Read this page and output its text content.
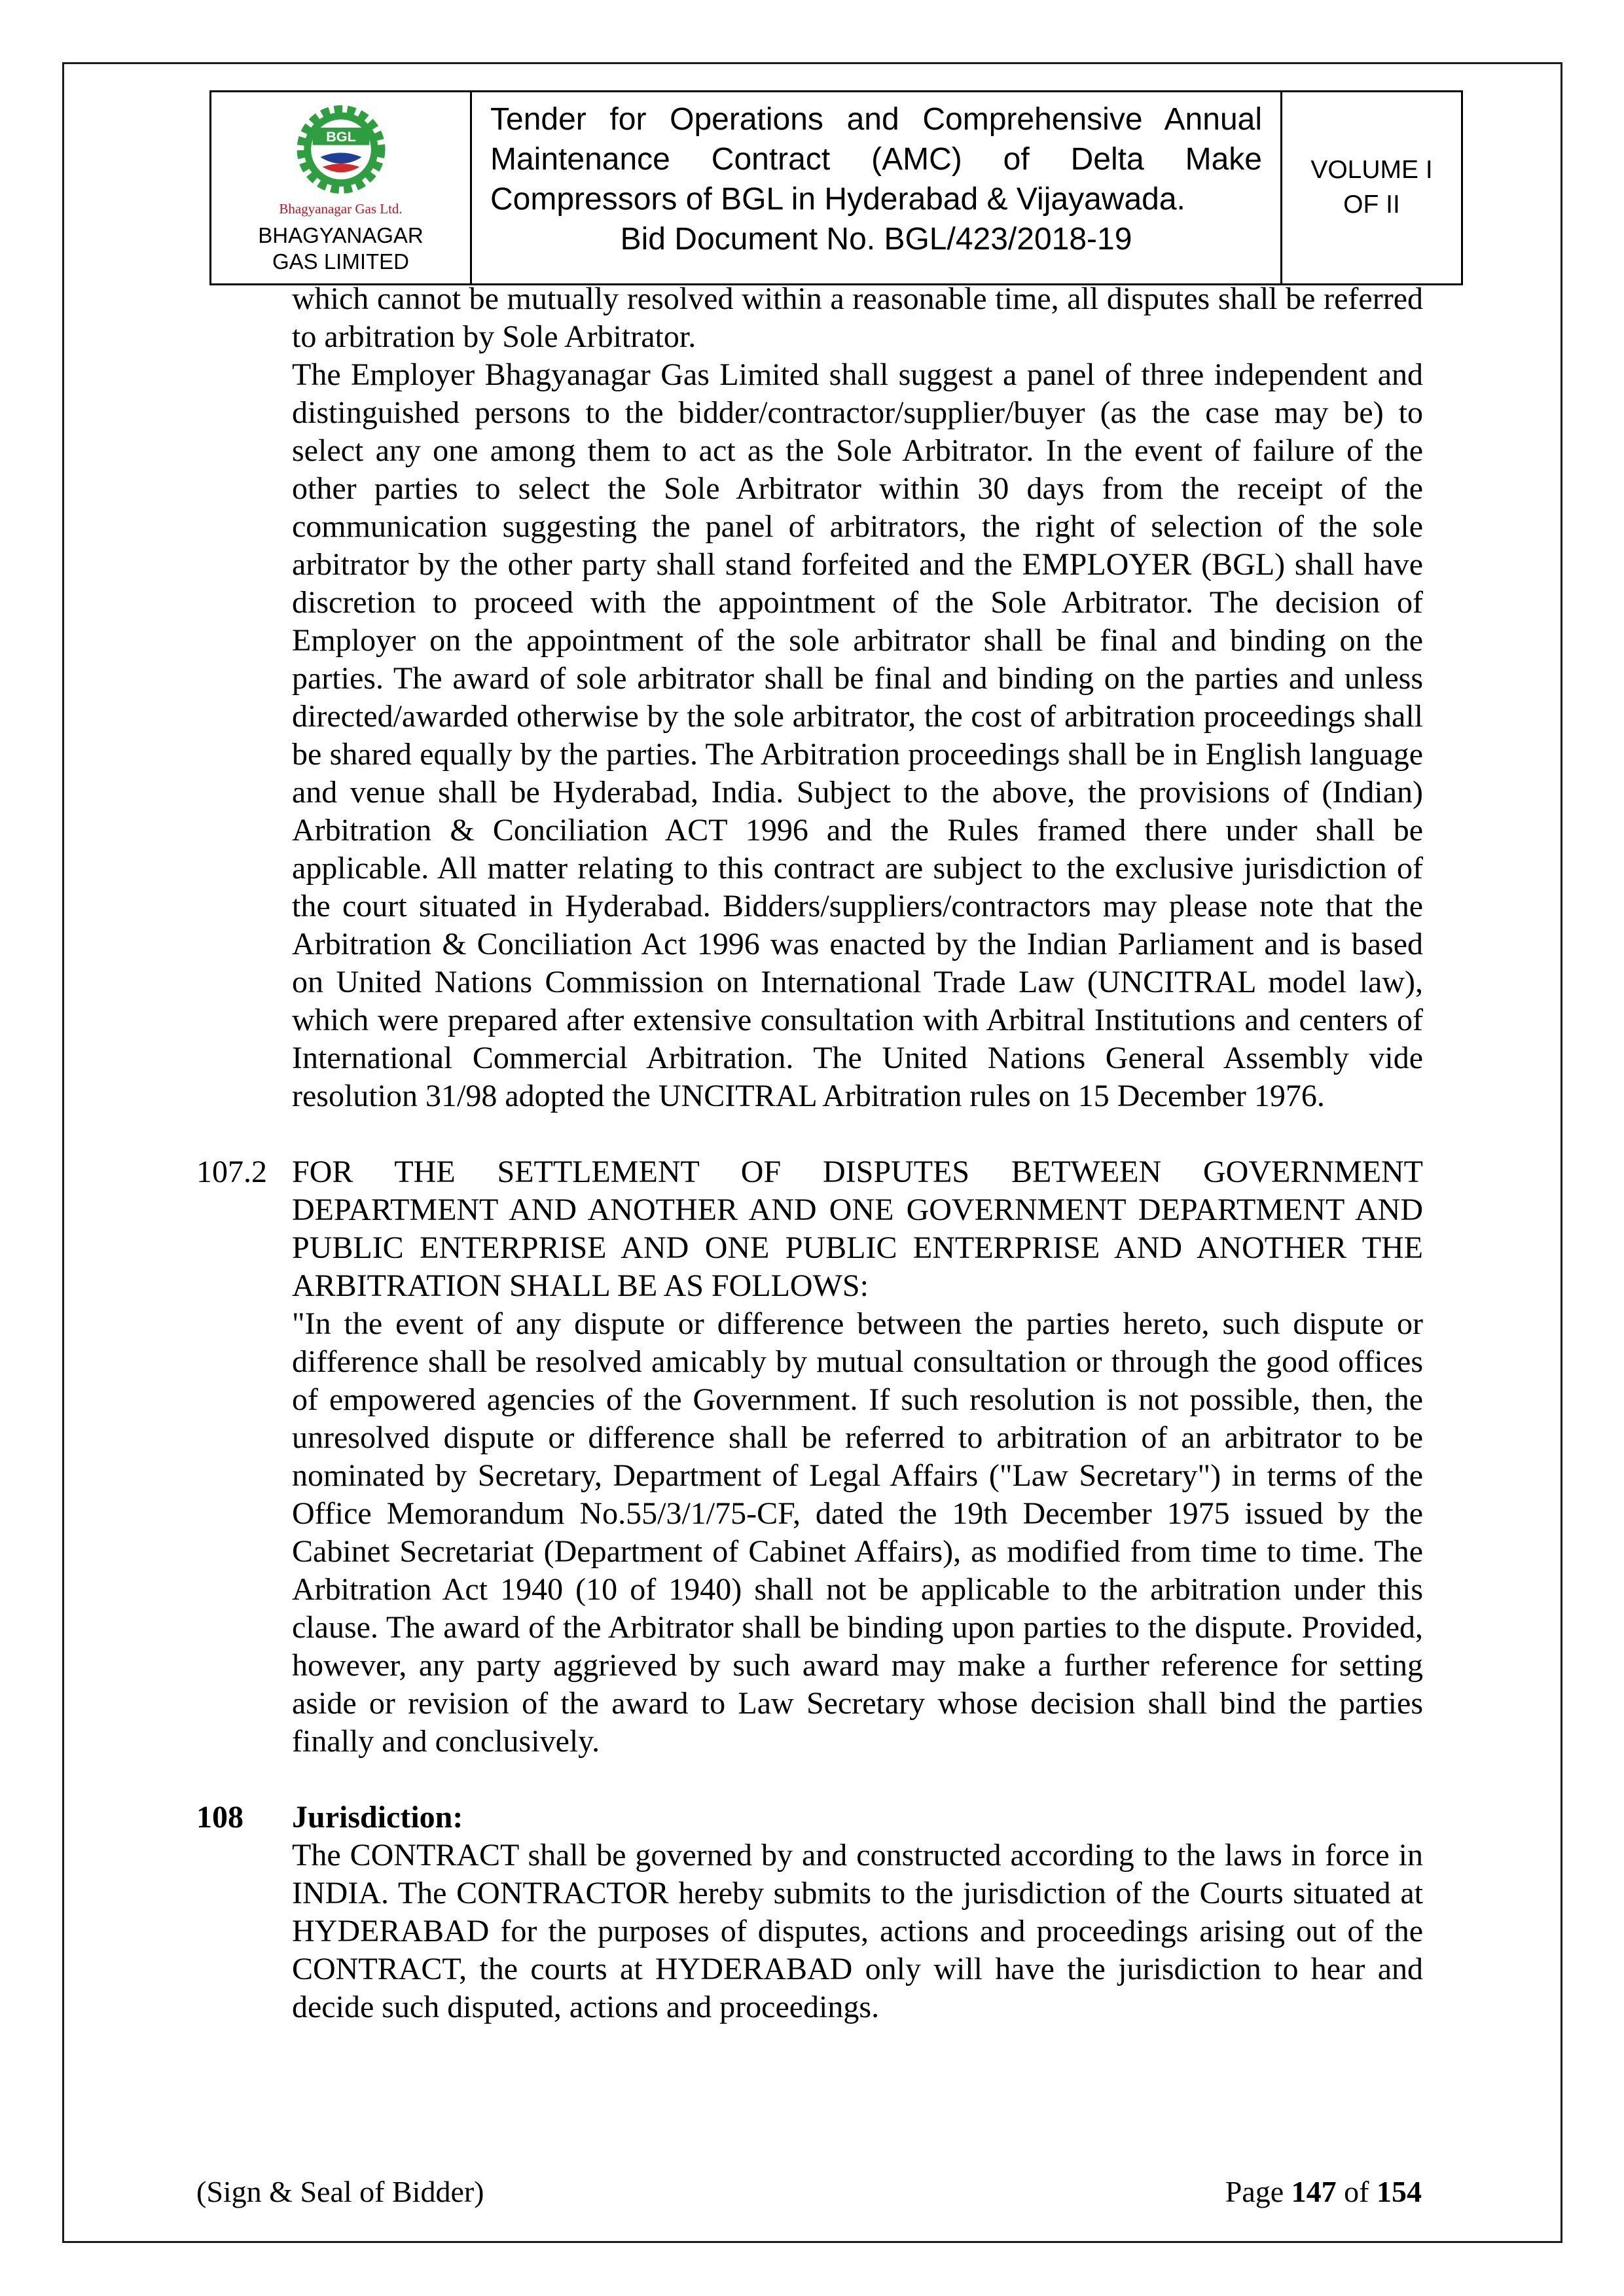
BGL
Bhagyanagar Gas Ltd.
BHAGYANAGAR GAS LIMITED

Tender for Operations and Comprehensive Annual Maintenance Contract (AMC) of Delta Make Compressors of BGL in Hyderabad & Vijayawada.

Bid Document No. BGL/423/2018-19

VOLUME I
OF II

which cannot be mutually resolved within a reasonable time, all disputes shall be referred to arbitration by Sole Arbitrator.

The Employer Bhagyanagar Gas Limited shall suggest a panel of three independent and distinguished persons to the bidder/contractor/supplier/buyer (as the case may be) to select any one among them to act as the Sole Arbitrator. In the event of failure of the other parties to select the Sole Arbitrator within 30 days from the receipt of the communication suggesting the panel of arbitrators, the right of selection of the sole arbitrator by the other party shall stand forfeited and the EMPLOYER (BGL) shall have discretion to proceed with the appointment of the Sole Arbitrator. The decision of Employer on the appointment of the sole arbitrator shall be final and binding on the parties. The award of sole arbitrator shall be final and binding on the parties and unless directed/awarded otherwise by the sole arbitrator, the cost of arbitration proceedings shall be shared equally by the parties. The Arbitration proceedings shall be in English language and venue shall be Hyderabad, India. Subject to the above, the provisions of (Indian) Arbitration & Conciliation ACT 1996 and the Rules framed there under shall be applicable. All matter relating to this contract are subject to the exclusive jurisdiction of the court situated in Hyderabad. Bidders/suppliers/contractors may please note that the Arbitration & Conciliation Act 1996 was enacted by the Indian Parliament and is based on United Nations Commission on International Trade Law (UNCITRAL model law), which were prepared after extensive consultation with Arbitral Institutions and centers of International Commercial Arbitration. The United Nations General Assembly vide resolution 31/98 adopted the UNCITRAL Arbitration rules on 15 December 1976.

107.2 FOR THE SETTLEMENT OF DISPUTES BETWEEN GOVERNMENT DEPARTMENT AND ANOTHER AND ONE GOVERNMENT DEPARTMENT AND PUBLIC ENTERPRISE AND ONE PUBLIC ENTERPRISE AND ANOTHER THE ARBITRATION SHALL BE AS FOLLOWS:

"In the event of any dispute or difference between the parties hereto, such dispute or difference shall be resolved amicably by mutual consultation or through the good offices of empowered agencies of the Government. If such resolution is not possible, then, the unresolved dispute or difference shall be referred to arbitration of an arbitrator to be nominated by Secretary, Department of Legal Affairs ("Law Secretary") in terms of the Office Memorandum No.55/3/1/75-CF, dated the 19th December 1975 issued by the Cabinet Secretariat (Department of Cabinet Affairs), as modified from time to time. The Arbitration Act 1940 (10 of 1940) shall not be applicable to the arbitration under this clause. The award of the Arbitrator shall be binding upon parties to the dispute. Provided, however, any party aggrieved by such award may make a further reference for setting aside or revision of the award to Law Secretary whose decision shall bind the parties finally and conclusively.

108	Jurisdiction:

The CONTRACT shall be governed by and constructed according to the laws in force in INDIA. The CONTRACTOR hereby submits to the jurisdiction of the Courts situated at HYDERABAD for the purposes of disputes, actions and proceedings arising out of the CONTRACT, the courts at HYDERABAD only will have the jurisdiction to hear and decide such disputed, actions and proceedings.

(Sign & Seal of Bidder)	Page 147 of 154
